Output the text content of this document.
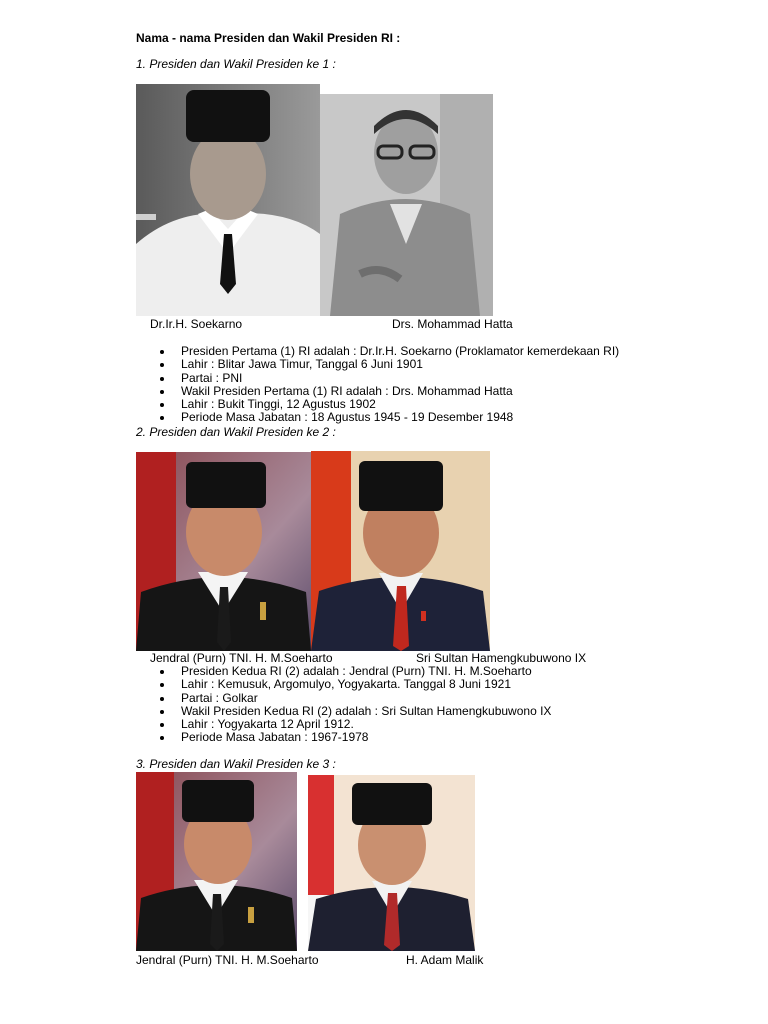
Nama - nama Presiden dan Wakil Presiden RI :
1. Presiden dan Wakil Presiden ke 1 :
Dr.Ir.H. Soekarno	Drs. Mohammad Hatta
Presiden Pertama (1) RI adalah : Dr.Ir.H. Soekarno (Proklamator kemerdekaan RI)
Lahir : Blitar Jawa Timur, Tanggal 6 Juni 1901
Partai : PNI
Wakil Presiden Pertama (1) RI adalah : Drs. Mohammad Hatta
Lahir : Bukit Tinggi, 12 Agustus 1902
Periode Masa Jabatan : 18 Agustus 1945 - 19 Desember 1948
2. Presiden dan Wakil Presiden ke 2 :
Jendral (Purn) TNI. H. M.Soeharto	Sri Sultan Hamengkubuwono IX
Presiden Kedua RI (2) adalah : Jendral (Purn) TNI. H. M.Soeharto
Lahir : Kemusuk, Argomulyo, Yogyakarta. Tanggal 8 Juni 1921
Partai : Golkar
Wakil Presiden Kedua RI (2) adalah : Sri Sultan Hamengkubuwono IX
Lahir : Yogyakarta 12 April 1912.
Periode Masa Jabatan : 1967-1978
3. Presiden dan Wakil Presiden ke 3 :
Jendral (Purn) TNI. H. M.Soeharto	H. Adam Malik
